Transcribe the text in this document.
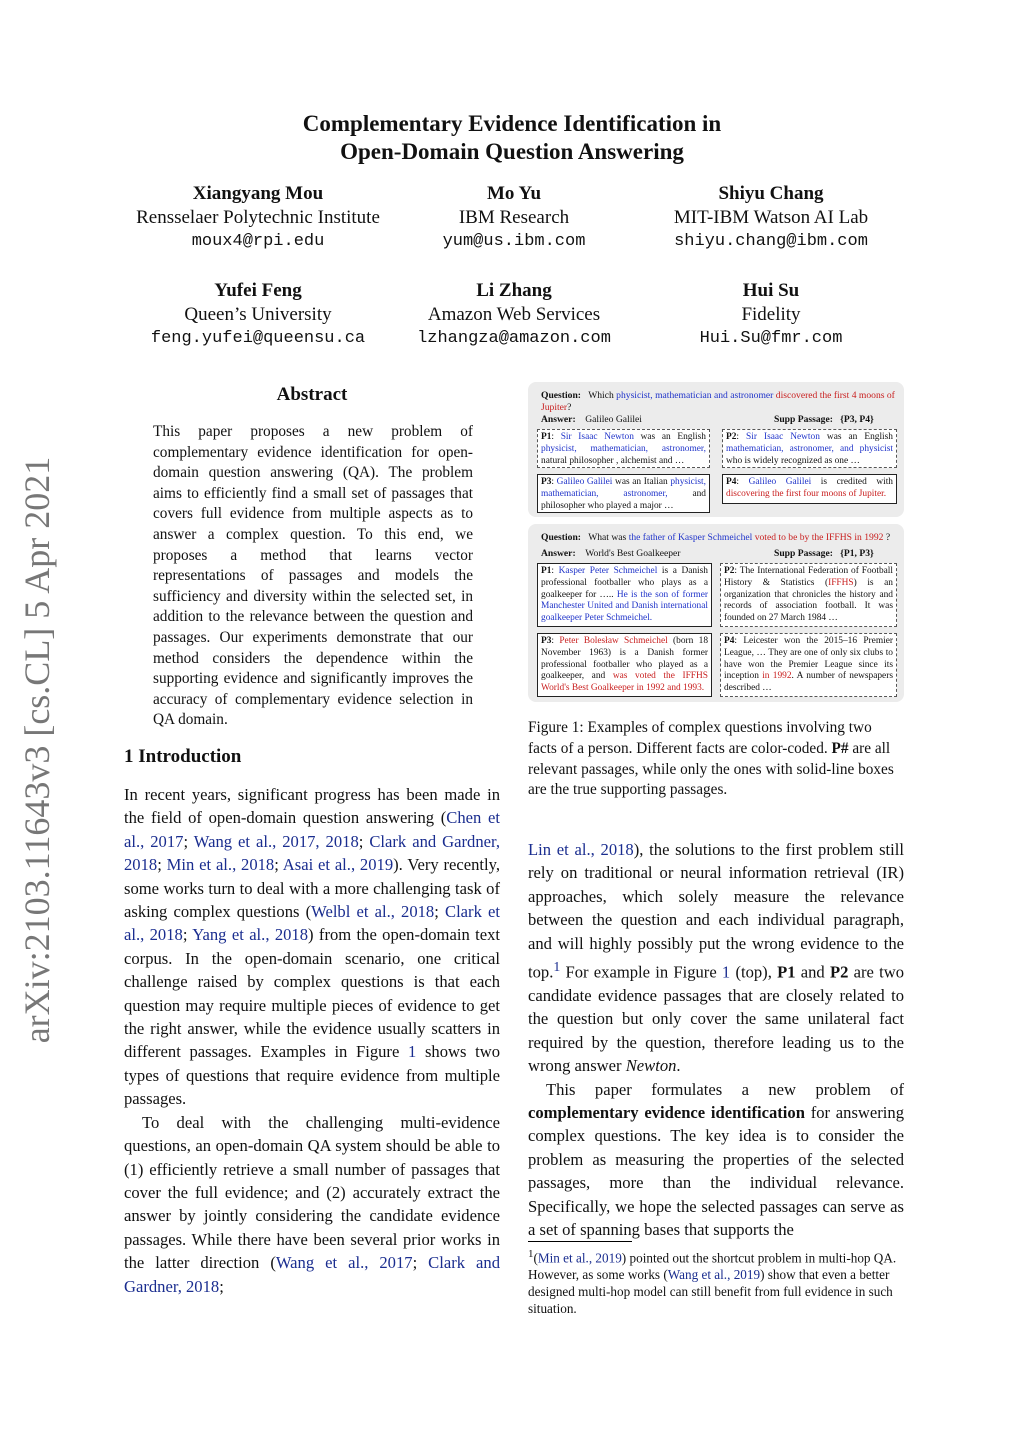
Complementary Evidence Identification in
Open-Domain Question Answering
Xiangyang Mou
Rensselaer Polytechnic Institute
moux4@rpi.edu
Mo Yu
IBM Research
yum@us.ibm.com
Shiyu Chang
MIT-IBM Watson AI Lab
shiyu.chang@ibm.com
Yufei Feng
Queen’s University
feng.yufei@queensu.ca
Li Zhang
Amazon Web Services
lzhangza@amazon.com
Hui Su
Fidelity
Hui.Su@fmr.com
arXiv:2103.11643v3 [cs.CL] 5 Apr 2021
Abstract
This paper proposes a new problem of complementary evidence identification for open-domain question answering (QA). The problem aims to efficiently find a small set of passages that covers full evidence from multiple aspects as to answer a complex question. To this end, we proposes a method that learns vector representations of passages and models the sufficiency and diversity within the selected set, in addition to the relevance between the question and passages. Our experiments demonstrate that our method considers the dependence within the supporting evidence and significantly improves the accuracy of complementary evidence selection in QA domain.
1 Introduction

In recent years, significant progress has been made in the field of open-domain question answering (Chen et al., 2017; Wang et al., 2017, 2018; Clark and Gardner, 2018; Min et al., 2018; Asai et al., 2019). Very recently, some works turn to deal with a more challenging task of asking complex questions (Welbl et al., 2018; Clark et al., 2018; Yang et al., 2018) from the open-domain text corpus. In the open-domain scenario, one critical challenge raised by complex questions is that each question may require multiple pieces of evidence to get the right answer, while the evidence usually scatters in different passages. Examples in Figure 1 shows two types of questions that require evidence from multiple passages.

To deal with the challenging multi-evidence questions, an open-domain QA system should be able to (1) efficiently retrieve a small number of passages that cover the full evidence; and (2) accurately extract the answer by jointly considering the candidate evidence passages. While there have been several prior works in the latter direction (Wang et al., 2017; Clark and Gardner, 2018;

Question: Which physicist, mathematician and astronomer discovered the first 4 moons of Jupiter?
Answer: Galileo Galilei	Supp Passage: {P3, P4}
P1: Sir Isaac Newton was an English physicist, mathematician, astronomer, natural philosopher , alchemist and …
P2: Sir Isaac Newton was an English mathematician, astronomer, and physicist who is widely recognized as one …
P3: Galileo Galilei was an Italian physicist, mathematician, astronomer, and philosopher who played a major …
P4: Galileo Galilei is credited with discovering the first four moons of Jupiter.
Question: What was the father of Kasper Schmeichel voted to be by the IFFHS in 1992 ?
Answer: World's Best Goalkeeper	Supp Passage: {P1, P3}
P1: Kasper Peter Schmeichel is a Danish professional footballer who plays as a goalkeeper for ….. He is the son of former Manchester United and Danish international goalkeeper Peter Schmeichel.
P2: The International Federation of Football History & Statistics (IFFHS) is an organization that chronicles the history and records of association football. It was founded on 27 March 1984 …
P3: Peter Bolesław Schmeichel (born 18 November 1963) is a Danish former professional footballer who played as a goalkeeper, and was voted the IFFHS World's Best Goalkeeper in 1992 and 1993.
P4: Leicester won the 2015–16 Premier League, … They are one of only six clubs to have won the Premier League since its inception in 1992. A number of newspapers described …
Figure 1: Examples of complex questions involving two facts of a person. Different facts are color-coded. P# are all relevant passages, while only the ones with solid-line boxes are the true supporting passages.

Lin et al., 2018), the solutions to the first problem still rely on traditional or neural information retrieval (IR) approaches, which solely measure the relevance between the question and each individual paragraph, and will highly possibly put the wrong evidence to the top.$^1$ For example in Figure 1 (top), P1 and P2 are two candidate evidence passages that are closely related to the question but only cover the same unilateral fact required by the question, therefore leading us to the wrong answer Newton.

This paper formulates a new problem of complementary evidence identification for answering complex questions. The key idea is to consider the problem as measuring the properties of the selected passages, more than the individual relevance. Specifically, we hope the selected passages can serve as a set of spanning bases that supports the

$^1$(Min et al., 2019) pointed out the shortcut problem in multi-hop QA. However, as some works (Wang et al., 2019) show that even a better designed multi-hop model can still benefit from full evidence in such situation.
